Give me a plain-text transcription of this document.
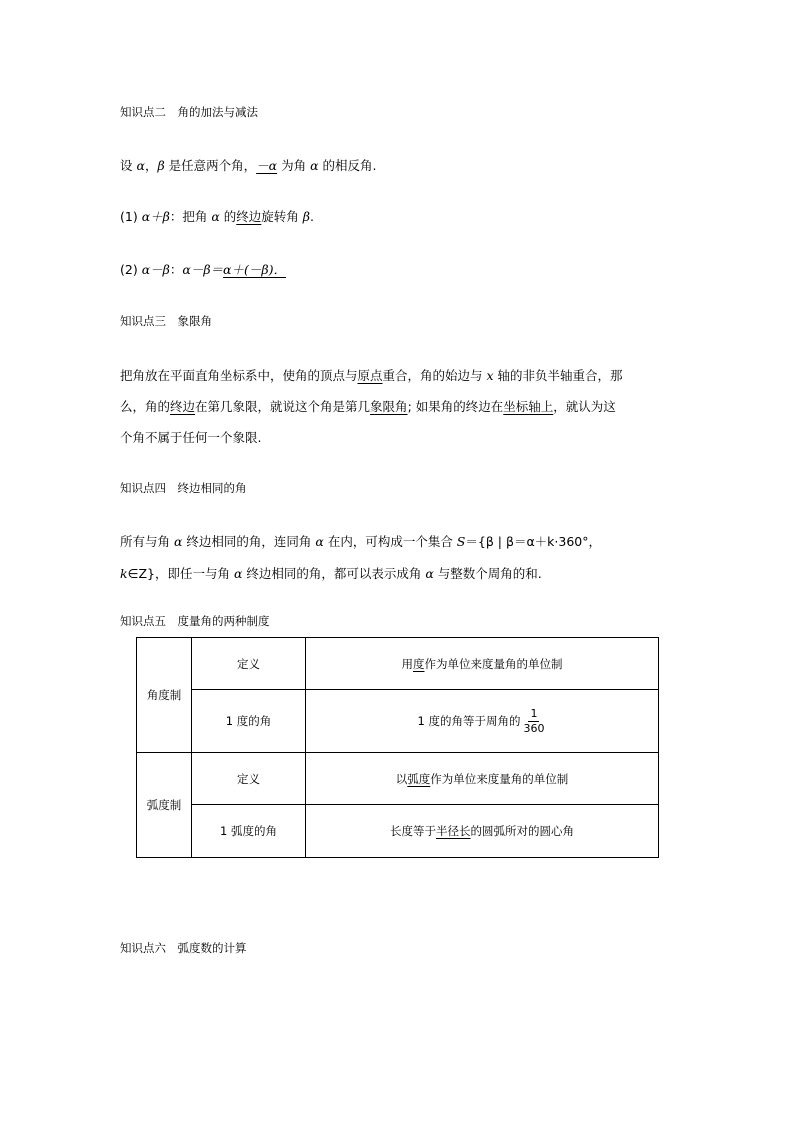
知识点二　角的加法与减法
设 α，β 是任意两个角，－α 为角 α 的相反角.
(1) α＋β：把角 α 的终边旋转角 β.
(2) α－β：α－β＝α＋(－β)．
知识点三　象限角
把角放在平面直角坐标系中，使角的顶点与原点重合，角的始边与 x 轴的非负半轴重合，那
么，角的终边在第几象限，就说这个角是第几象限角; 如果角的终边在坐标轴上，就认为这
个角不属于任何一个象限.
知识点四　终边相同的角
所有与角 α 终边相同的角，连同角 α 在内，可构成一个集合 S＝{β | β＝α＋k·360°，
k∈Z}，即任一与角 α 终边相同的角，都可以表示成角 α 与整数个周角的和.
知识点五　度量角的两种制度
角度制	定义	用度作为单位来度量角的单位制
	1 度的角	1 度的角等于周角的 $\frac{1}{360}$

弧度制	定义	以弧度作为单位来度量角的单位制
	1 弧度的角	长度等于半径长的圆弧所对的圆心角
知识点六　弧度数的计算
